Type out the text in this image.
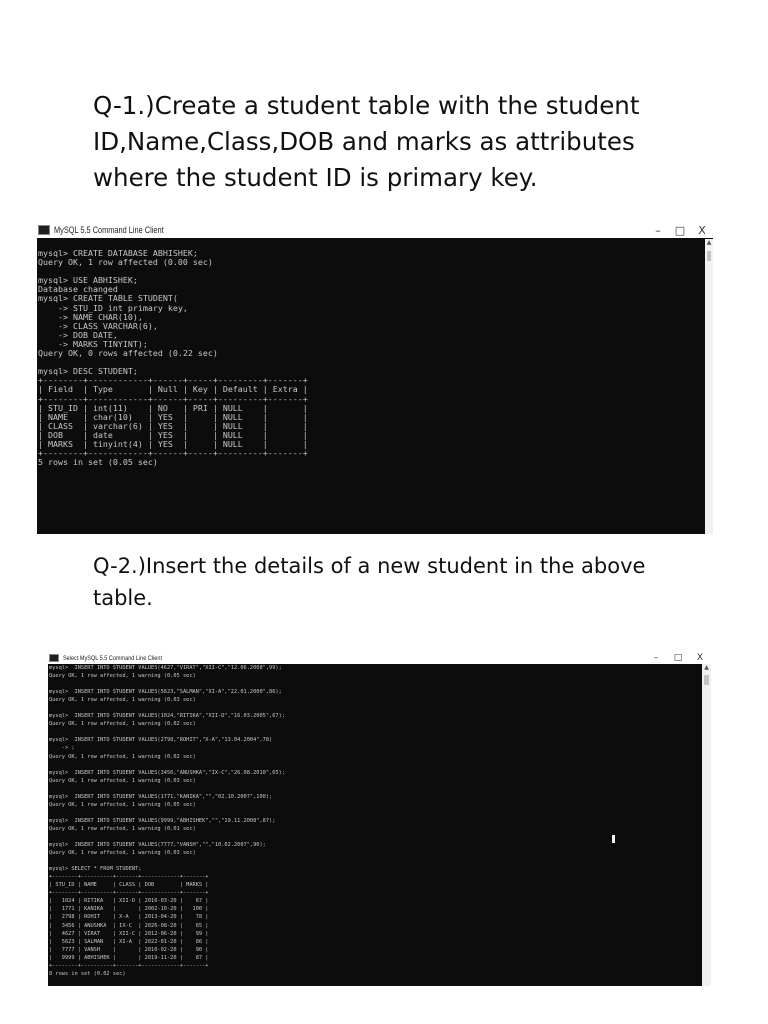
Q-1.)Create a student table with the student ID,Name,Class,DOB and marks as attributes where the student ID is primary key.

MySQL 5.5 Command Line Client	–	□	X
mysql> CREATE DATABASE ABHISHEK;
Query OK, 1 row affected (0.00 sec)

mysql> USE ABHISHEK;
Database changed
mysql> CREATE TABLE STUDENT(
-> STU_ID int primary key,
-> NAME CHAR(10),
-> CLASS VARCHAR(6),
-> DOB DATE,
-> MARKS TINYINT);
Query OK, 0 rows affected (0.22 sec)

mysql> DESC STUDENT;
+--------+------------+------+-----+---------+-------+
| Field  | Type       | Null | Key | Default | Extra |
+--------+------------+------+-----+---------+-------+
| STU_ID | int(11)    | NO   | PRI | NULL    |       |
| NAME   | char(10)   | YES  |     | NULL    |       |
| CLASS  | varchar(6) | YES  |     | NULL    |       |
| DOB    | date       | YES  |     | NULL    |       |
| MARKS  | tinyint(4) | YES  |     | NULL    |       |
+--------+------------+------+-----+---------+-------+
5 rows in set (0.05 sec)
▲

Q-2.)Insert the details of a new student in the above table.

Select MySQL 5.5 Command Line Client	–	□	X
mysql>  INSERT INTO STUDENT VALUES(4627,"VIRAT","XII-C","12.06.2008",99);
Query OK, 1 row affected, 1 warning (0.05 sec)

mysql>  INSERT INTO STUDENT VALUES(5623,"SALMAN","XI-A","22.01.2000",86);
Query OK, 1 row affected, 1 warning (0.03 sec)

mysql>  INSERT INTO STUDENT VALUES(1024,"RITIKA","XII-D","16.03.2005",67);
Query OK, 1 row affected, 1 warning (0.02 sec)

mysql>  INSERT INTO STUDENT VALUES(2798,"ROHIT","X-A","13.04.2004",78)
-> ;
Query OK, 1 row affected, 1 warning (0.02 sec)

mysql>  INSERT INTO STUDENT VALUES(3456,"ANUSHKA","IX-C","26.08.2010",65);
Query OK, 1 row affected, 1 warning (0.03 sec)

mysql>  INSERT INTO STUDENT VALUES(1771,"KANIKA","","02.10.2007",100);
Query OK, 1 row affected, 1 warning (0.05 sec)

mysql>  INSERT INTO STUDENT VALUES(9999,"ABHISHEK","","19.11.2008",87);
Query OK, 1 row affected, 1 warning (0.01 sec)

mysql>  INSERT INTO STUDENT VALUES(7777,"VANSH","","10.02.2007",90);
Query OK, 1 row affected, 1 warning (0.03 sec)

mysql> SELECT * FROM STUDENT;
+--------+----------+-------+------------+-------+
| STU_ID | NAME     | CLASS | DOB        | MARKS |
+--------+----------+-------+------------+-------+
|   1024 | RITIKA   | XII-D | 2016-03-20 |    67 |
|   1771 | KANIKA   |       | 2002-10-20 |   100 |
|   2798 | ROHIT    | X-A   | 2013-04-20 |    78 |
|   3456 | ANUSHKA  | IX-C  | 2026-08-20 |    65 |
|   4627 | VIRAT    | XII-C | 2012-06-20 |    99 |
|   5623 | SALMAN   | XI-A  | 2022-01-20 |    86 |
|   7777 | VANSH    |       | 2010-02-20 |    90 |
|   9999 | ABHISHEK |       | 2019-11-20 |    87 |
+--------+----------+-------+------------+-------+
8 rows in set (0.02 sec)
▲
